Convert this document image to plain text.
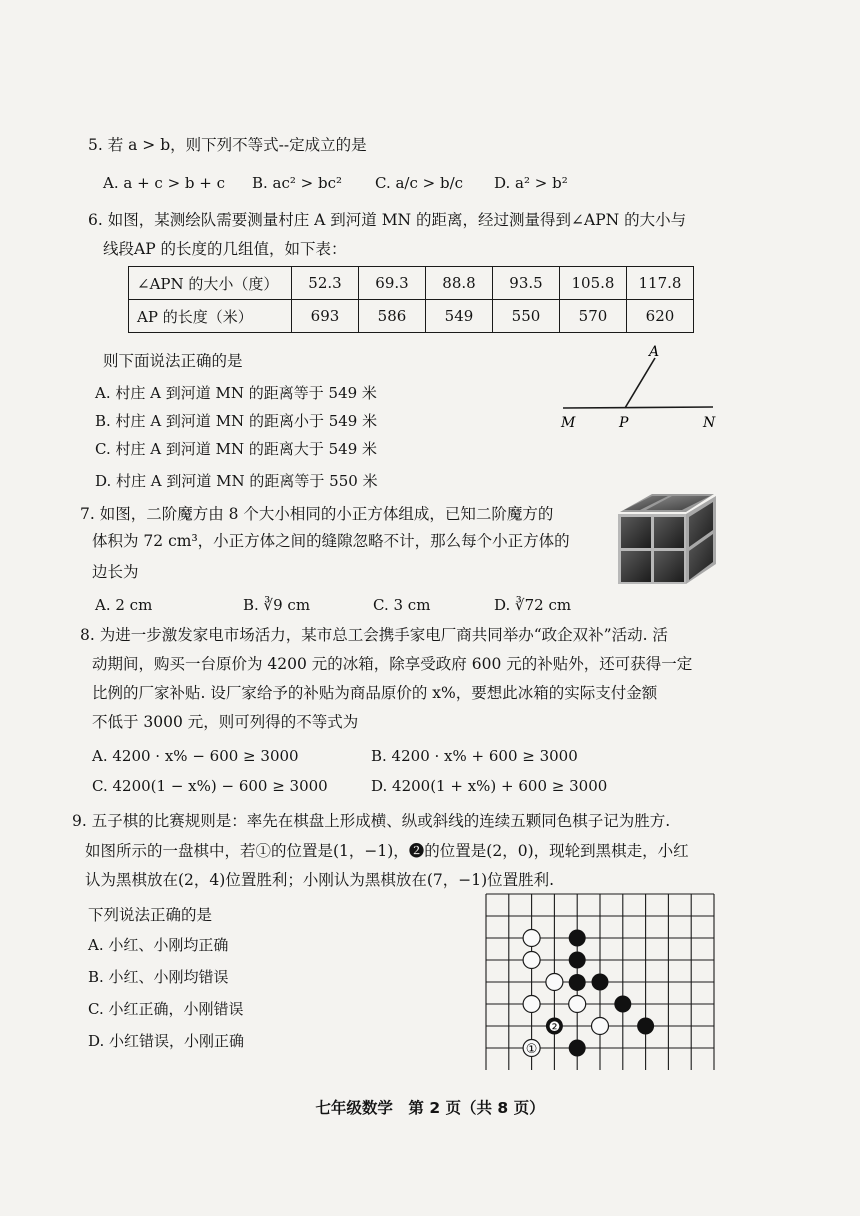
5. 若 a > b，则下列不等式--定成立的是
A. a + c > b + c B. ac² > bc² C. a/c > b/c D. a² > b²
6. 如图，某测绘队需要测量村庄 A 到河道 MN 的距离，经过测量得到∠APN 的大小与
线段AP 的长度的几组值，如下表：
∠APN 的大小（度）	52.3	69.3	88.8	93.5	105.8	117.8
AP 的长度（米）	693	586	549	550	570	620
则下面说法正确的是
A. 村庄 A 到河道 MN 的距离等于 549 米
B. 村庄 A 到河道 MN 的距离小于 549 米
C. 村庄 A 到河道 MN 的距离大于 549 米
D. 村庄 A 到河道 MN 的距离等于 550 米
A
M	P	N
7. 如图，二阶魔方由 8 个大小相同的小正方体组成，已知二阶魔方的
体积为 72 cm³，小正方体之间的缝隙忽略不计，那么每个小正方体的
边长为
A. 2 cm	B. ∛9 cm	C. 3 cm	D. ∛72 cm
8. 为进一步激发家电市场活力，某市总工会携手家电厂商共同举办“政企双补”活动. 活
动期间，购买一台原价为 4200 元的冰箱，除享受政府 600 元的补贴外，还可获得一定
比例的厂家补贴. 设厂家给予的补贴为商品原价的 x%，要想此冰箱的实际支付金额
不低于 3000 元，则可列得的不等式为
A. 4200 · x% − 600 ≥ 3000	B. 4200 · x% + 600 ≥ 3000
C. 4200(1 − x%) − 600 ≥ 3000	D. 4200(1 + x%) + 600 ≥ 3000
9. 五子棋的比赛规则是：率先在棋盘上形成横、纵或斜线的连续五颗同色棋子记为胜方.
如图所示的一盘棋中，若①的位置是(1，−1)，❷的位置是(2，0)，现轮到黑棋走，小红
认为黑棋放在(2，4)位置胜利；小刚认为黑棋放在(7，−1)位置胜利.
下列说法正确的是
A. 小红、小刚均正确
B. 小红、小刚均错误
C. 小红正确，小刚错误
D. 小红错误，小刚正确	①
❷
七年级数学　第 2 页（共 8 页）
